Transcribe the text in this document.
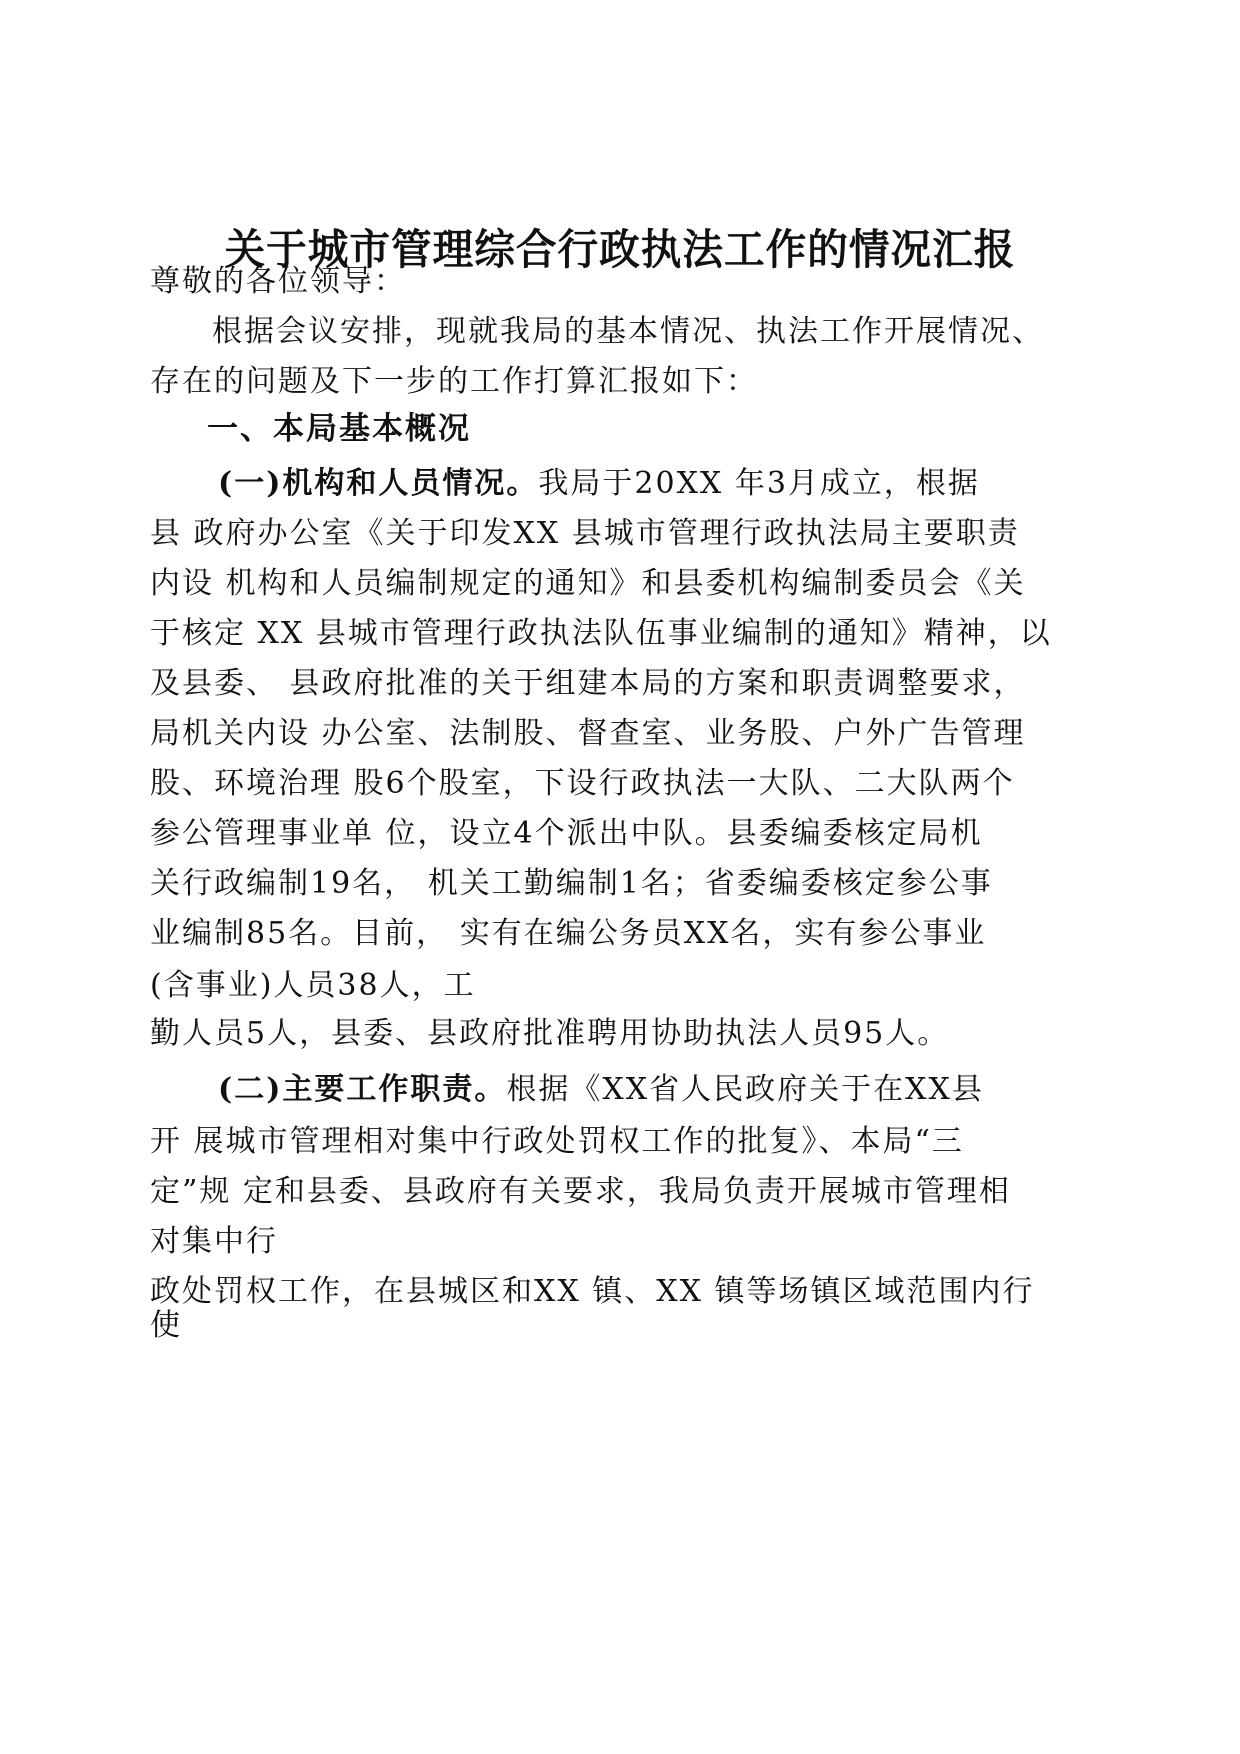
关于城市管理综合行政执法工作的情况汇报
尊敬的各位领导：
根据会议安排，现就我局的基本情况、执法工作开展情况、
存在的问题及下一步的工作打算汇报如下：
一、本局基本概况
(一)机构和人员情况。我局于20XX 年3月成立，根据
县 政府办公室《关于印发XX 县城市管理行政执法局主要职责
内设 机构和人员编制规定的通知》和县委机构编制委员会《关
于核定 XX 县城市管理行政执法队伍事业编制的通知》精神，以
及县委、 县政府批准的关于组建本局的方案和职责调整要求，
局机关内设 办公室、法制股、督查室、业务股、户外广告管理
股、环境治理 股6个股室，下设行政执法一大队、二大队两个
参公管理事业单 位，设立4个派出中队。县委编委核定局机
关行政编制19名， 机关工勤编制1名；省委编委核定参公事
业编制85名。目前， 实有在编公务员XX名，实有参公事业
(含事业)人员38人，工
勤人员5人，县委、县政府批准聘用协助执法人员95人。
(二)主要工作职责。根据《XX省人民政府关于在XX县
开 展城市管理相对集中行政处罚权工作的批复》、本局“三
定”规 定和县委、县政府有关要求，我局负责开展城市管理相
对集中行
政处罚权工作，在县城区和XX 镇、XX 镇等场镇区域范围内行
使
